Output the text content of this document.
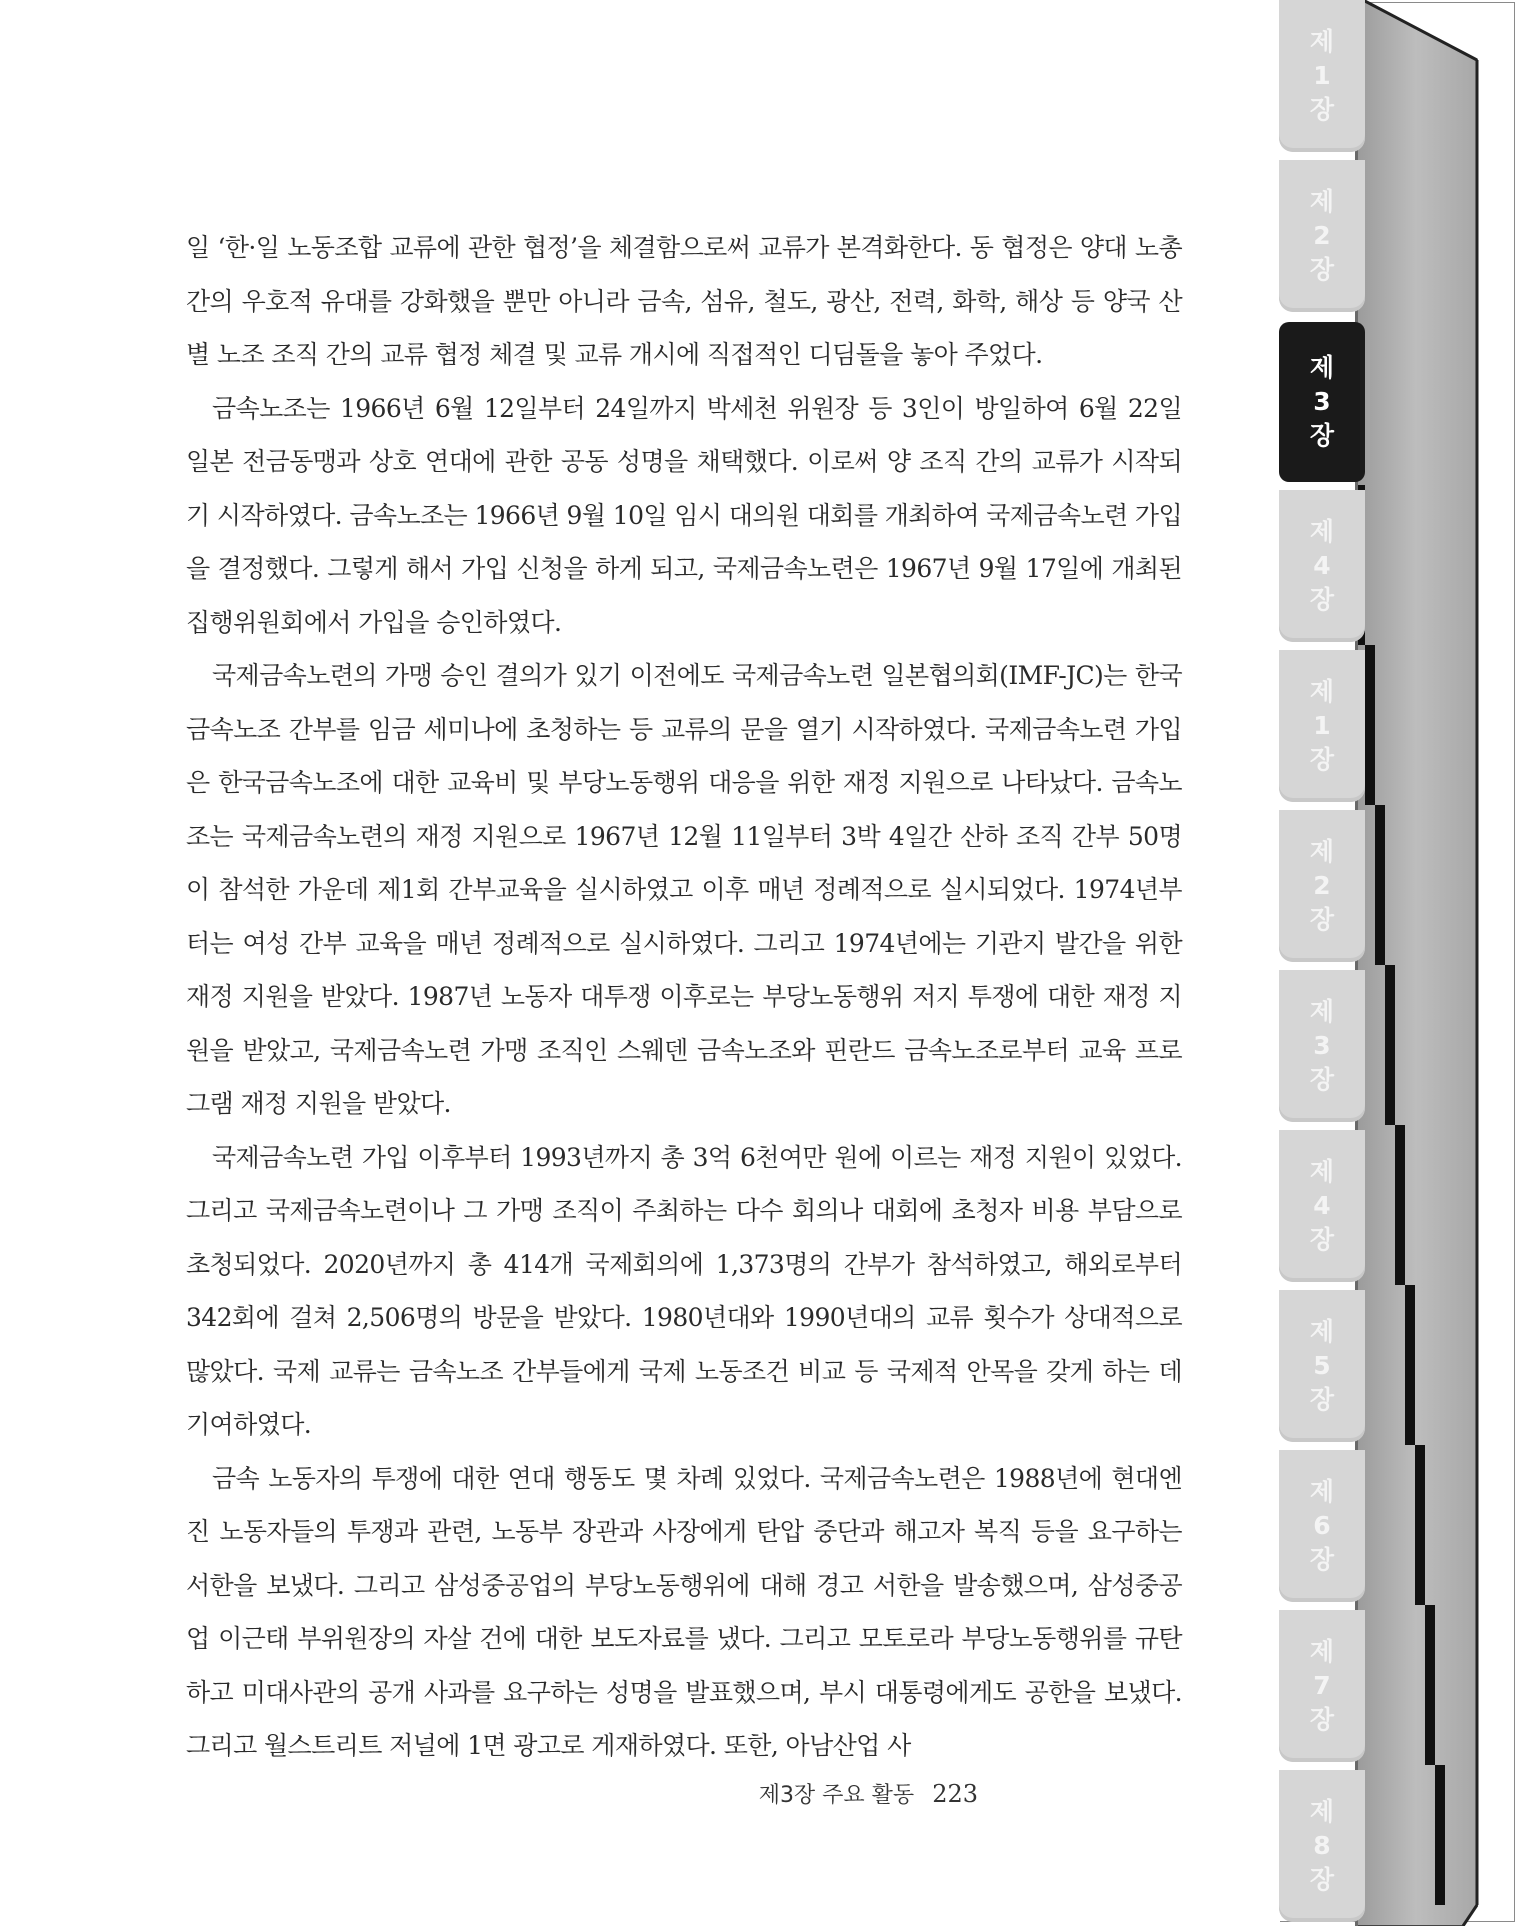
일 ‘한·일 노동조합 교류에 관한 협정’을 체결함으로써 교류가 본격화한다. 동 협정은 양대 노총 간의 우호적 유대를 강화했을 뿐만 아니라 금속, 섬유, 철도, 광산, 전력, 화학, 해상 등 양국 산별 노조 조직 간의 교류 협정 체결 및 교류 개시에 직접적인 디딤돌을 놓아 주었다.

금속노조는 1966년 6월 12일부터 24일까지 박세천 위원장 등 3인이 방일하여 6월 22일 일본 전금동맹과 상호 연대에 관한 공동 성명을 채택했다. 이로써 양 조직 간의 교류가 시작되기 시작하였다. 금속노조는 1966년 9월 10일 임시 대의원 대회를 개최하여 국제금속노련 가입을 결정했다. 그렇게 해서 가입 신청을 하게 되고, 국제금속노련은 1967년 9월 17일에 개최된 집행위원회에서 가입을 승인하였다.

국제금속노련의 가맹 승인 결의가 있기 이전에도 국제금속노련 일본협의회(IMF-JC)는 한국금속노조 간부를 임금 세미나에 초청하는 등 교류의 문을 열기 시작하였다. 국제금속노련 가입은 한국금속노조에 대한 교육비 및 부당노동행위 대응을 위한 재정 지원으로 나타났다. 금속노조는 국제금속노련의 재정 지원으로 1967년 12월 11일부터 3박 4일간 산하 조직 간부 50명이 참석한 가운데 제1회 간부교육을 실시하였고 이후 매년 정례적으로 실시되었다. 1974년부터는 여성 간부 교육을 매년 정례적으로 실시하였다. 그리고 1974년에는 기관지 발간을 위한 재정 지원을 받았다. 1987년 노동자 대투쟁 이후로는 부당노동행위 저지 투쟁에 대한 재정 지원을 받았고, 국제금속노련 가맹 조직인 스웨덴 금속노조와 핀란드 금속노조로부터 교육 프로그램 재정 지원을 받았다.

국제금속노련 가입 이후부터 1993년까지 총 3억 6천여만 원에 이르는 재정 지원이 있었다. 그리고 국제금속노련이나 그 가맹 조직이 주최하는 다수 회의나 대회에 초청자 비용 부담으로 초청되었다. 2020년까지 총 414개 국제회의에 1,373명의 간부가 참석하였고, 해외로부터 342회에 걸쳐 2,506명의 방문을 받았다. 1980년대와 1990년대의 교류 횟수가 상대적으로 많았다. 국제 교류는 금속노조 간부들에게 국제 노동조건 비교 등 국제적 안목을 갖게 하는 데 기여하였다.

금속 노동자의 투쟁에 대한 연대 행동도 몇 차례 있었다. 국제금속노련은 1988년에 현대엔진 노동자들의 투쟁과 관련, 노동부 장관과 사장에게 탄압 중단과 해고자 복직 등을 요구하는 서한을 보냈다. 그리고 삼성중공업의 부당노동행위에 대해 경고 서한을 발송했으며, 삼성중공업 이근태 부위원장의 자살 건에 대한 보도자료를 냈다. 그리고 모토로라 부당노동행위를 규탄하고 미대사관의 공개 사과를 요구하는 성명을 발표했으며, 부시 대통령에게도 공한을 보냈다. 그리고 월스트리트 저널에 1면 광고로 게재하였다. 또한, 아남산업 사

제3장 주요 활동 223
제
1
장
제
2
장
제
3
장
제
4
장
제
1
장
제
2
장
제
3
장
제
4
장
제
5
장
제
6
장
제
7
장
제
8
장
